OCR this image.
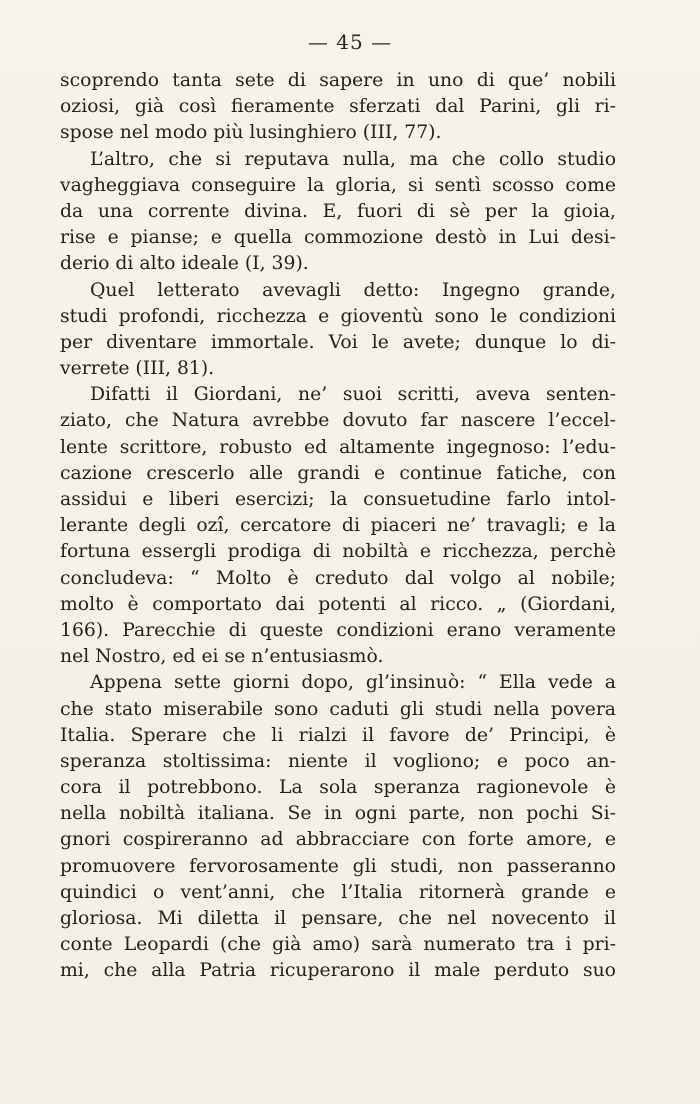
— 45 —
scoprendo tanta sete di sapere in uno di que’ nobili
oziosi, già così fieramente sferzati dal Parini, gli ri-
spose nel modo più lusinghiero (III, 77).
L’altro, che si reputava nulla, ma che collo studio
vagheggiava conseguire la gloria, si sentì scosso come
da una corrente divina. E, fuori di sè per la gioia,
rise e pianse; e quella commozione destò in Lui desi-
derio di alto ideale (I, 39).
Quel letterato avevagli detto: Ingegno grande,
studi profondi, ricchezza e gioventù sono le condizioni
per diventare immortale. Voi le avete; dunque lo di-
verrete (III, 81).
Difatti il Giordani, ne’ suoi scritti, aveva senten-
ziato, che Natura avrebbe dovuto far nascere l’eccel-
lente scrittore, robusto ed altamente ingegnoso: l’edu-
cazione crescerlo alle grandi e continue fatiche, con
assidui e liberi esercizi; la consuetudine farlo intol-
lerante degli ozî, cercatore di piaceri ne’ travagli; e la
fortuna essergli prodiga di nobiltà e ricchezza, perchè
concludeva: “ Molto è creduto dal volgo al nobile;
molto è comportato dai potenti al ricco. „ (Giordani,
166). Parecchie di queste condizioni erano veramente
nel Nostro, ed ei se n’entusiasmò.
Appena sette giorni dopo, gl’insinuò: “ Ella vede a
che stato miserabile sono caduti gli studi nella povera
Italia. Sperare che li rialzi il favore de’ Principi, è
speranza stoltissima: niente il vogliono; e poco an-
cora il potrebbono. La sola speranza ragionevole è
nella nobiltà italiana. Se in ogni parte, non pochi Si-
gnori cospireranno ad abbracciare con forte amore, e
promuovere fervorosamente gli studi, non passeranno
quindici o vent’anni, che l’Italia ritornerà grande e
gloriosa. Mi diletta il pensare, che nel novecento il
conte Leopardi (che già amo) sarà numerato tra i pri-
mi, che alla Patria ricuperarono il male perduto suo
